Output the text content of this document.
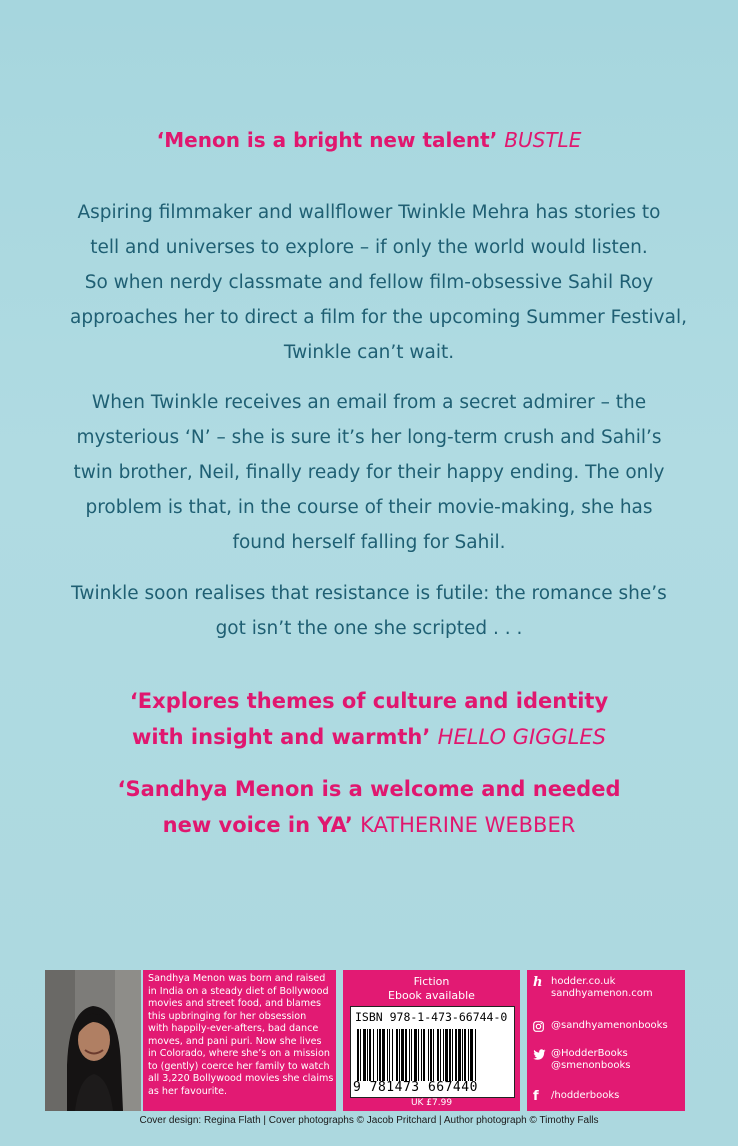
‘Menon is a bright new talent’ BUSTLE
Aspiring filmmaker and wallflower Twinkle Mehra has stories to
tell and universes to explore – if only the world would listen.
So when nerdy classmate and fellow film-obsessive Sahil Roy
approaches her to direct a film for the upcoming Summer Festival,
Twinkle can’t wait.
When Twinkle receives an email from a secret admirer – the
mysterious ‘N’ – she is sure it’s her long-term crush and Sahil’s
twin brother, Neil, finally ready for their happy ending. The only
problem is that, in the course of their movie-making, she has
found herself falling for Sahil.
Twinkle soon realises that resistance is futile: the romance she’s
got isn’t the one she scripted . . .
‘Explores themes of culture and identity
with insight and warmth’ HELLO GIGGLES
‘Sandhya Menon is a welcome and needed
new voice in YA’ KATHERINE WEBBER
Sandhya Menon was born and raised
in India on a steady diet of Bollywood
movies and street food, and blames
this upbringing for her obsession
with happily-ever-afters, bad dance
moves, and pani puri. Now she lives
in Colorado, where she’s on a mission
to (gently) coerce her family to watch
all 3,220 Bollywood movies she claims
as her favourite.
Fiction
Ebook available
ISBN 978-1-473-66744-0
9 781473 667440
UK £7.99
h hodder.co.uk
sandhyamenon.com
@sandhyamenonbooks
@HodderBooks
@smenonbooks
f	/hodderbooks
Cover design: Regina Flath | Cover photographs © Jacob Pritchard | Author photograph © Timothy Falls
